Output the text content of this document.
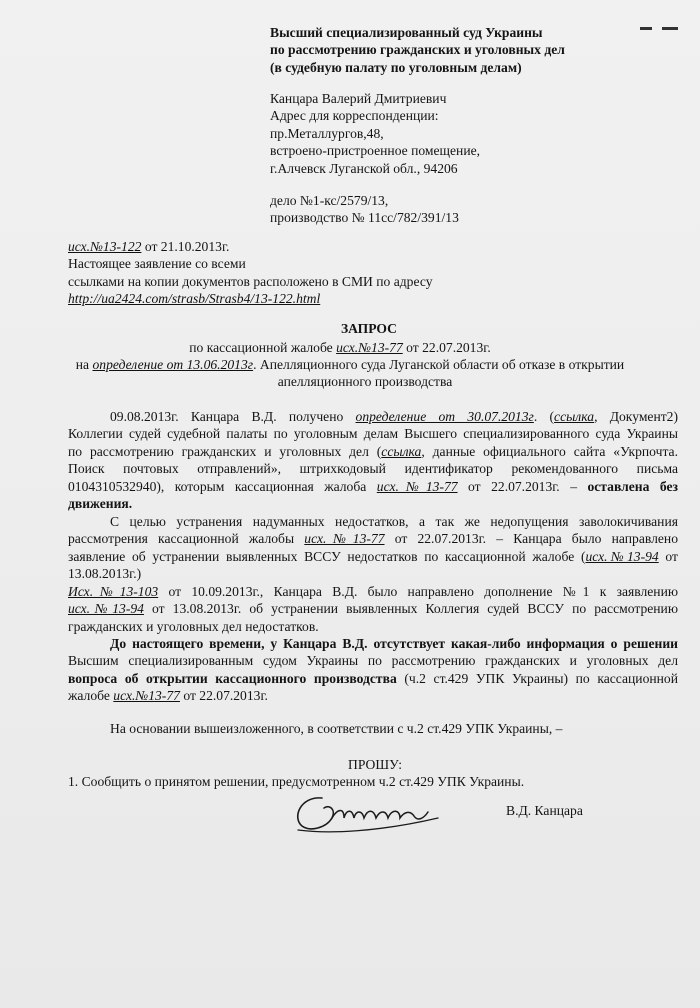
Высший специализированный суд Украины
по рассмотрению гражданских и уголовных дел
(в судебную палату по уголовным делам)
Канцара Валерий Дмитриевич
Адрес для корреспонденции:
пр.Металлургов,48,
встроено-пристроенное помещение,
г.Алчевск Луганской обл., 94206
дело №1-кс/2579/13,
производство № 11сс/782/391/13
исх.№13-122 от 21.10.2013г.
Настоящее заявление со всеми
ссылками на копии документов расположено в СМИ по адресу
http://ua2424.com/strasb/Strasb4/13-122.html
ЗАПРОС
по кассационной жалобе исх.№13-77 от 22.07.2013г.
на определение от 13.06.2013г. Апелляционного суда Луганской области об отказе в открытии
апелляционного производства
09.08.2013г. Канцара В.Д. получено определение от 30.07.2013г. (ссылка, Документ2)
Коллегии судей судебной палаты по уголовным делам Высшего специализированного суда Украины
по рассмотрению гражданских и уголовных дел (ссылка, данные официального сайта «Укрпочта.
Поиск почтовых отправлений», штрихкодовый идентификатор рекомендованного письма
0104310532940), которым кассационная жалоба исх.№13-77 от 22.07.2013г. – оставлена без
движения.
С целью устранения надуманных недостатков, а так же недопущения заволокичивания
рассмотрения кассационной жалобы исх.№13-77 от 22.07.2013г. – Канцара было направлено
заявление об устранении выявленных ВССУ недостатков по кассационной жалобе (исх.№13-94 от
13.08.2013г.)
Исх.№13-103 от 10.09.2013г., Канцара В.Д. было направлено дополнение №1 к заявлению
исх.№13-94 от 13.08.2013г. об устранении выявленных Коллегия судей ВССУ по рассмотрению
гражданских и уголовных дел недостатков.
До настоящего времени, у Канцара В.Д. отсутствует какая-либо информация о решении
Высшим специализированным судом Украины по рассмотрению гражданских и уголовных дел
вопроса об открытии кассационного производства (ч.2 ст.429 УПК Украины) по кассационной
жалобе исх.№13-77 от 22.07.2013г.
На основании вышеизложенного, в соответствии с ч.2 ст.429 УПК Украины, –
ПРОШУ:
1. Сообщить о принятом решении, предусмотренном ч.2 ст.429 УПК Украины.
В.Д. Канцара
